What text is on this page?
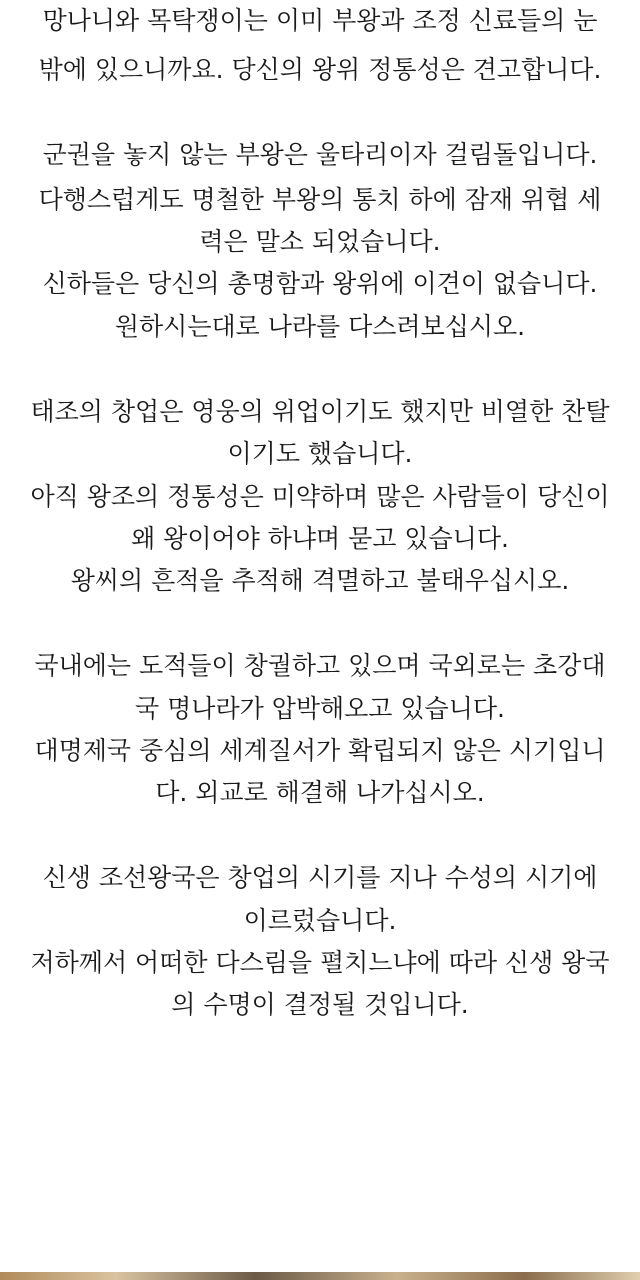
망나니와 목탁쟁이는 이미 부왕과 조정 신료들의 눈
밖에 있으니까요. 당신의 왕위 정통성은 견고합니다.
군권을 놓지 않는 부왕은 울타리이자 걸림돌입니다.
다행스럽게도 명철한 부왕의 통치 하에 잠재 위협 세
력은 말소 되었습니다.
신하들은 당신의 총명함과 왕위에 이견이 없습니다.
원하시는대로 나라를 다스려보십시오.
태조의 창업은 영웅의 위업이기도 했지만 비열한 찬탈
이기도 했습니다.
아직 왕조의 정통성은 미약하며 많은 사람들이 당신이
왜 왕이어야 하냐며 묻고 있습니다.
왕씨의 흔적을 추적해 격멸하고 불태우십시오.
국내에는 도적들이 창궐하고 있으며 국외로는 초강대
국 명나라가 압박해오고 있습니다.
대명제국 중심의 세계질서가 확립되지 않은 시기입니
다. 외교로 해결해 나가십시오.
신생 조선왕국은 창업의 시기를 지나 수성의 시기에
이르렀습니다.
저하께서 어떠한 다스림을 펼치느냐에 따라 신생 왕국
의 수명이 결정될 것입니다.
